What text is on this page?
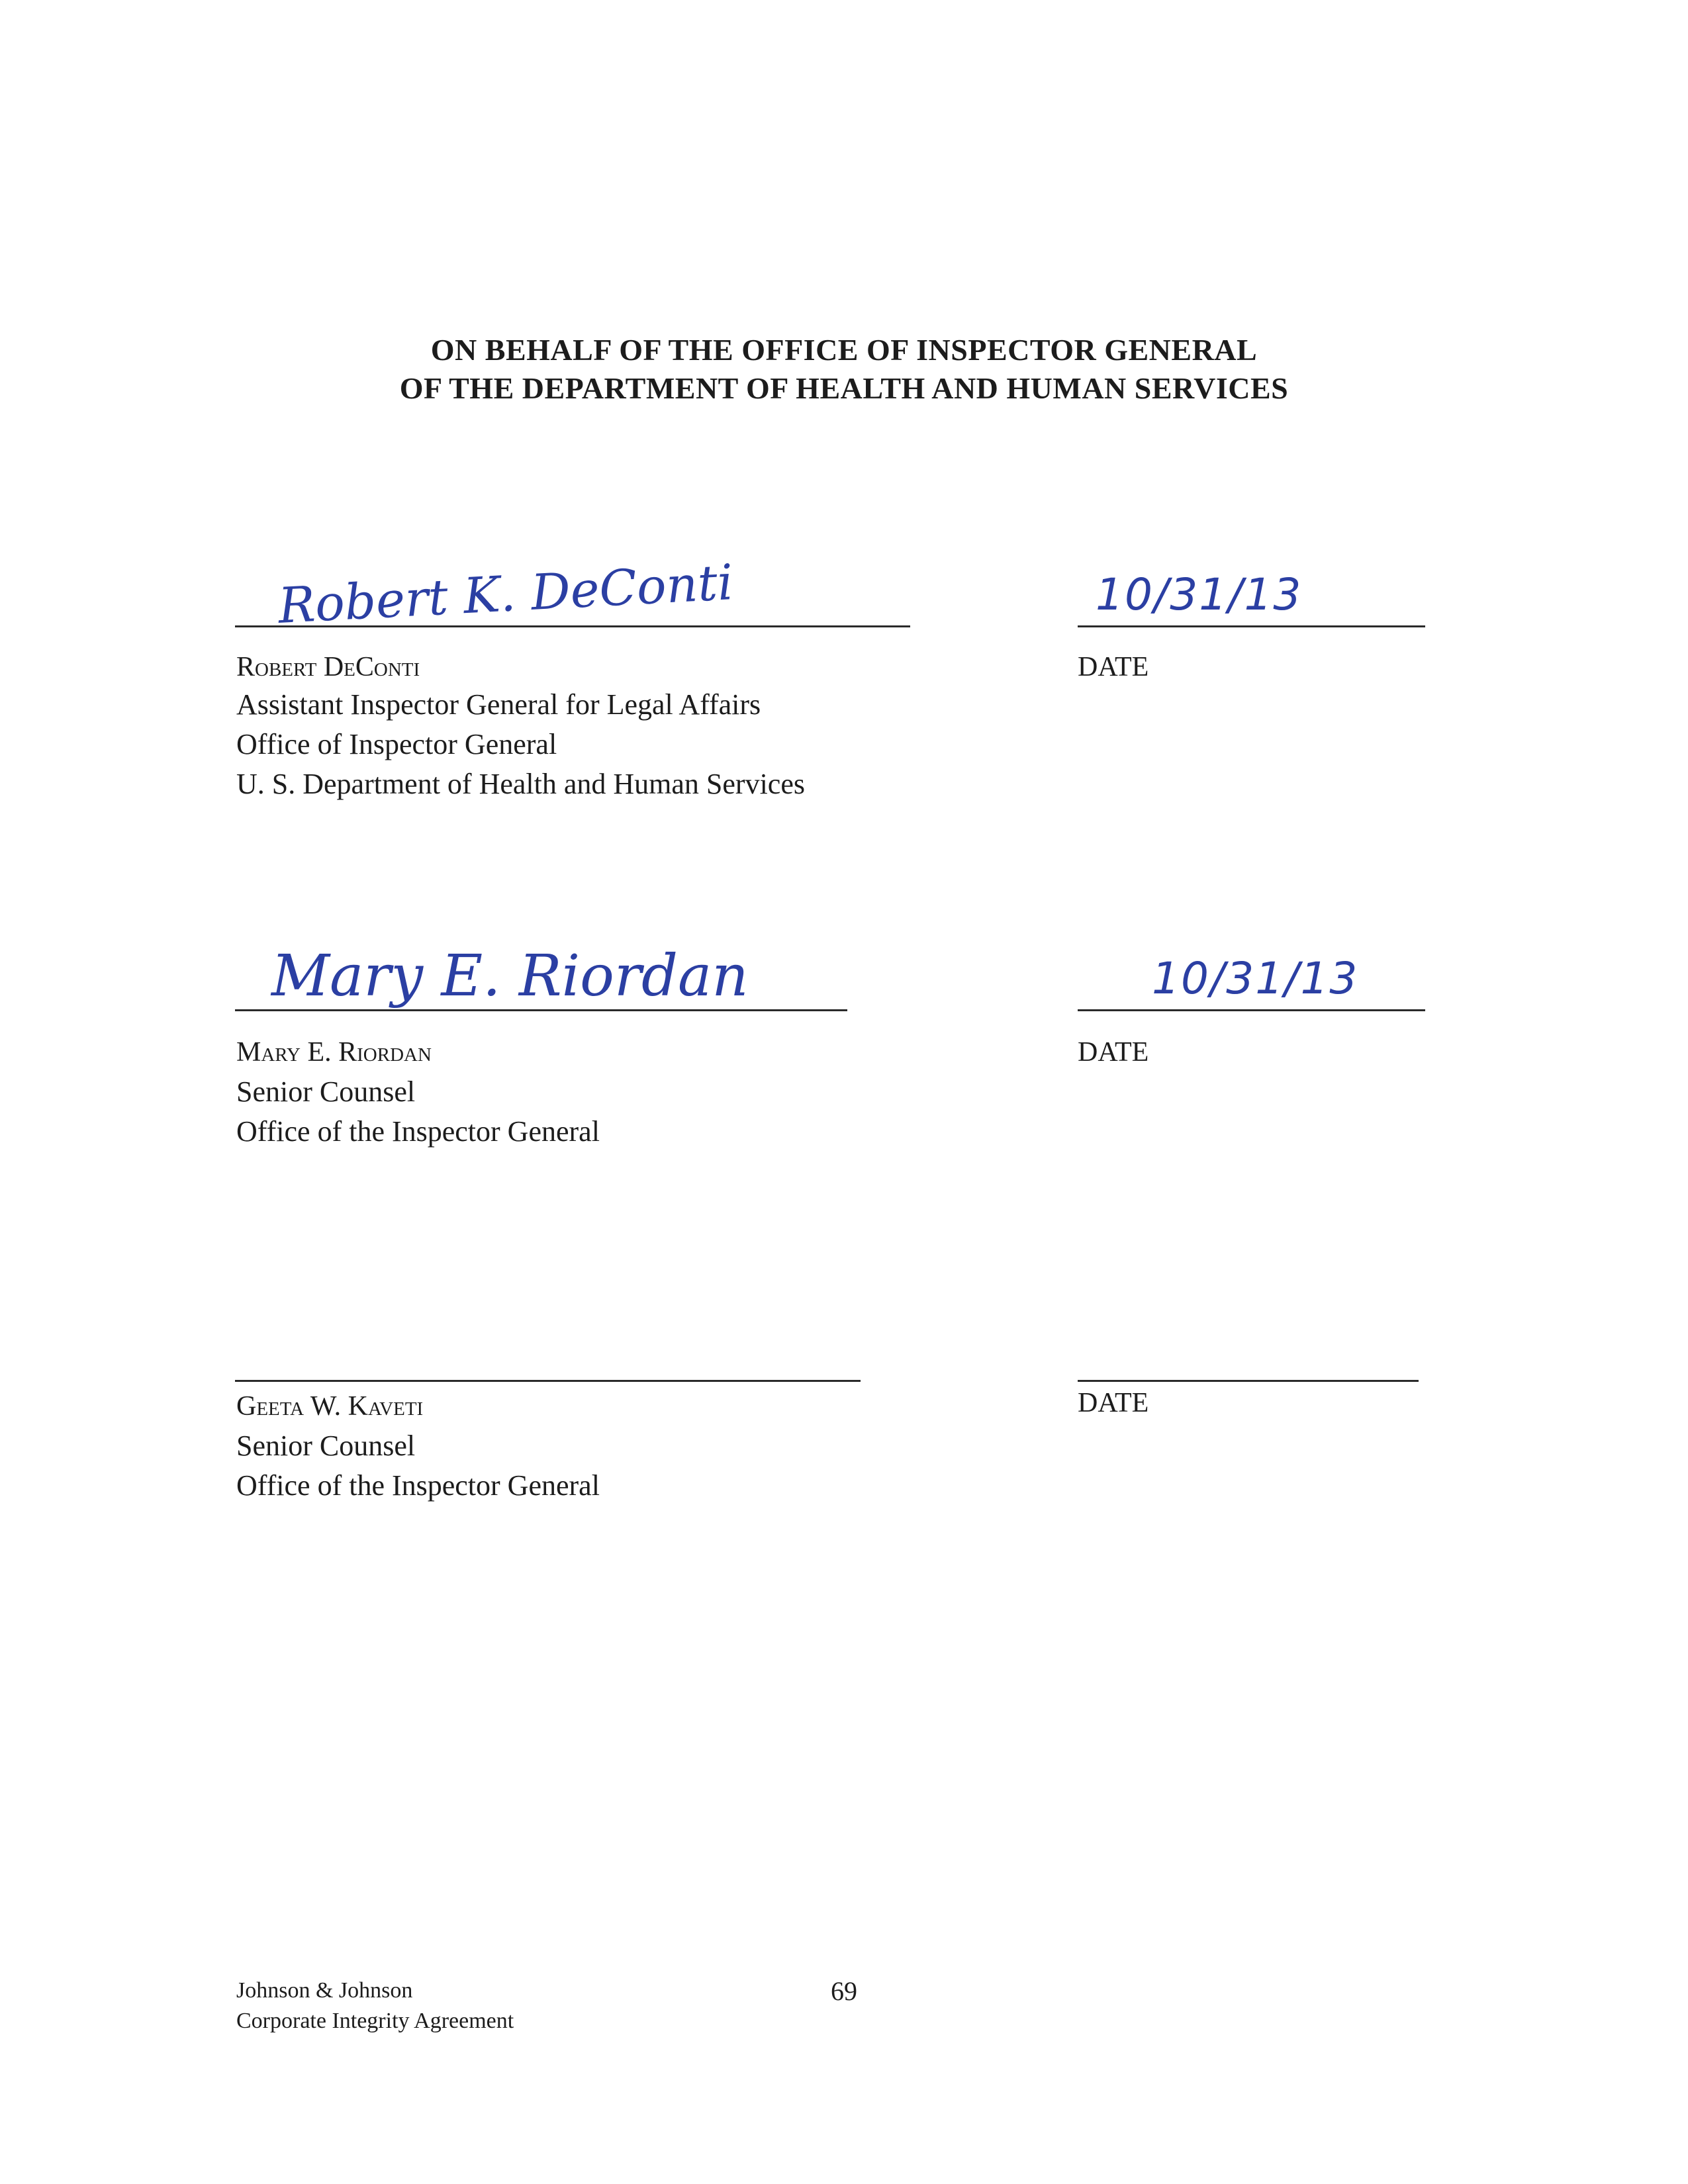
ON BEHALF OF THE OFFICE OF INSPECTOR GENERAL
OF THE DEPARTMENT OF HEALTH AND HUMAN SERVICES
Robert K. DeConti	10/31/13
Robert DeConti	DATE
Assistant Inspector General for Legal Affairs
Office of Inspector General
U. S. Department of Health and Human Services
Mary E. Riordan	10/31/13
Mary E. Riordan	DATE
Senior Counsel
Office of the Inspector General
Geeta W. Kaveti	DATE
Senior Counsel
Office of the Inspector General
Johnson & Johnson
Corporate Integrity Agreement
69
